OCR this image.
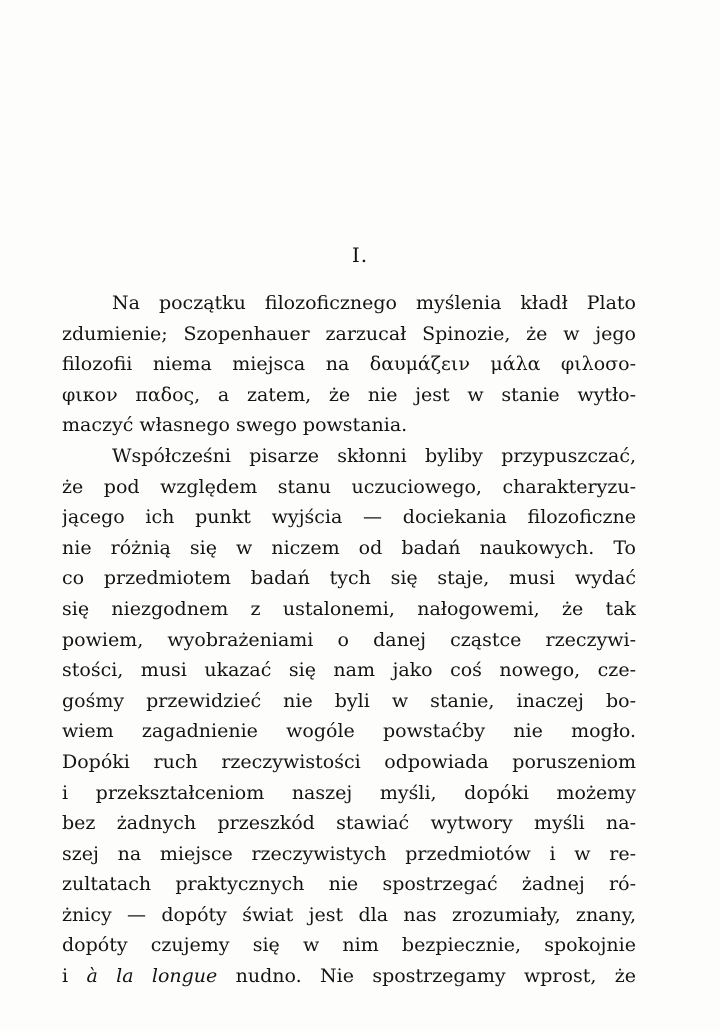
I.
Na początku filozoficznego myślenia kładł Plato
zdumienie; Szopenhauer zarzucał Spinozie, że w jego
filozofii niema miejsca na δαυμάζειν μάλα φιλοσο-
φικον παδος, a zatem, że nie jest w stanie wytło-
maczyć własnego swego powstania.
Współcześni pisarze skłonni byliby przypuszczać,
że pod względem stanu uczuciowego, charakteryzu-
jącego ich punkt wyjścia — dociekania filozoficzne
nie różnią się w niczem od badań naukowych. To
co przedmiotem badań tych się staje, musi wydać
się niezgodnem z ustalonemi, nałogowemi, że tak
powiem, wyobrażeniami o danej cząstce rzeczywi-
stości, musi ukazać się nam jako coś nowego, cze-
gośmy przewidzieć nie byli w stanie, inaczej bo-
wiem zagadnienie wogóle powstaćby nie mogło.
Dopóki ruch rzeczywistości odpowiada poruszeniom
i przekształceniom naszej myśli, dopóki możemy
bez żadnych przeszkód stawiać wytwory myśli na-
szej na miejsce rzeczywistych przedmiotów i w re-
zultatach praktycznych nie spostrzegać żadnej ró-
żnicy — dopóty świat jest dla nas zrozumiały, znany,
dopóty czujemy się w nim bezpiecznie, spokojnie
i à la longue nudno. Nie spostrzegamy wprost, że
